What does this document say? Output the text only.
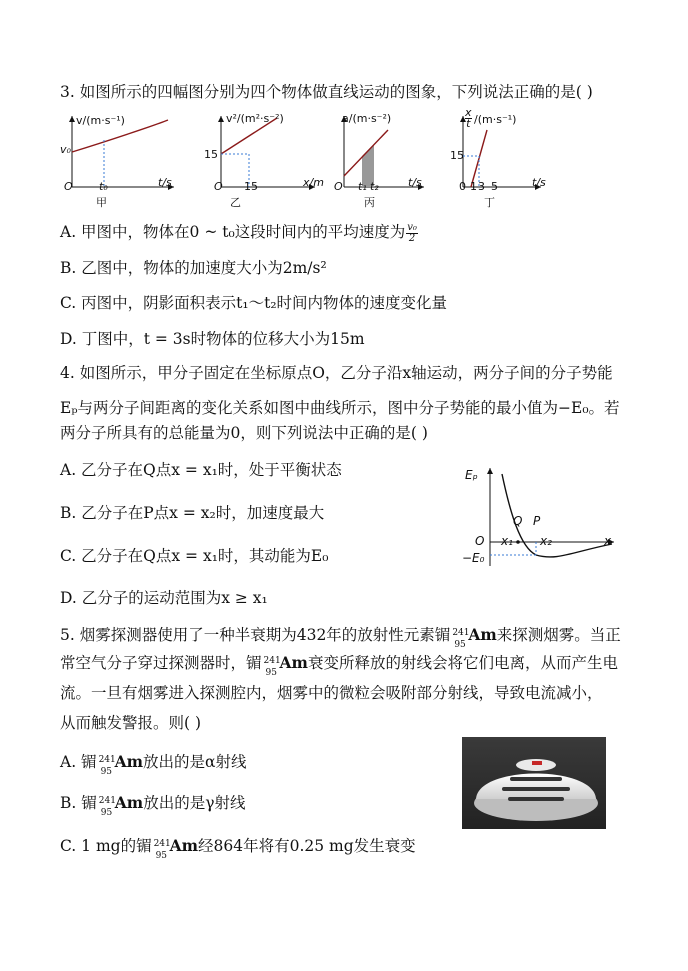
3. 如图所示的四幅图分别为四个物体做直线运动的图象，下列说法正确的是( )
v/(m·s⁻¹)
v₀
O t₀	t/s
甲
v²/(m²·s⁻²)
15
O 15	x/m
乙
a/(m·s⁻²)
O t₁ t₂	t/s
丙
x
t /(m·s⁻¹)
15
0 1 3 5	t/s
丁
A. 甲图中，物体在0 ~ t₀这段时间内的平均速度为 $\frac{\text{v₀}}{2}$
B. 乙图中，物体的加速度大小为2m/s²
C. 丙图中，阴影面积表示t₁～t₂时间内物体的速度变化量
D. 丁图中，t = 3s时物体的位移大小为15m
4. 如图所示，甲分子固定在坐标原点O，乙分子沿x轴运动，两分子间的分子势能
Eₚ与两分子间距离的变化关系如图中曲线所示，图中分子势能的最小值为−E₀。若
两分子所具有的总能量为0，则下列说法中正确的是( )
A. 乙分子在Q点x = x₁时，处于平衡状态
B. 乙分子在P点x = x₂时，加速度最大
C. 乙分子在Q点x = x₁时，其动能为E₀
D. 乙分子的运动范围为x ≥ x₁
Eₚ
O
Q P
x₁ x₂	x
−E₀
5. 烟雾探测器使用了一种半衰期为432年的放射性元素镅 241
95
Am来探测烟雾。当正
常空气分子穿过探测器时，镅 241
95
Am衰变所释放的射线会将它们电离，从而产生电
流。一旦有烟雾进入探测腔内，烟雾中的微粒会吸附部分射线，导致电流减小，
从而触发警报。则( )
A. 镅 241
95
Am放出的是α射线
B. 镅 241
95
Am放出的是γ射线
C. 1 mg的镅 241
95
Am经864年将有0.25 mg发生衰变
